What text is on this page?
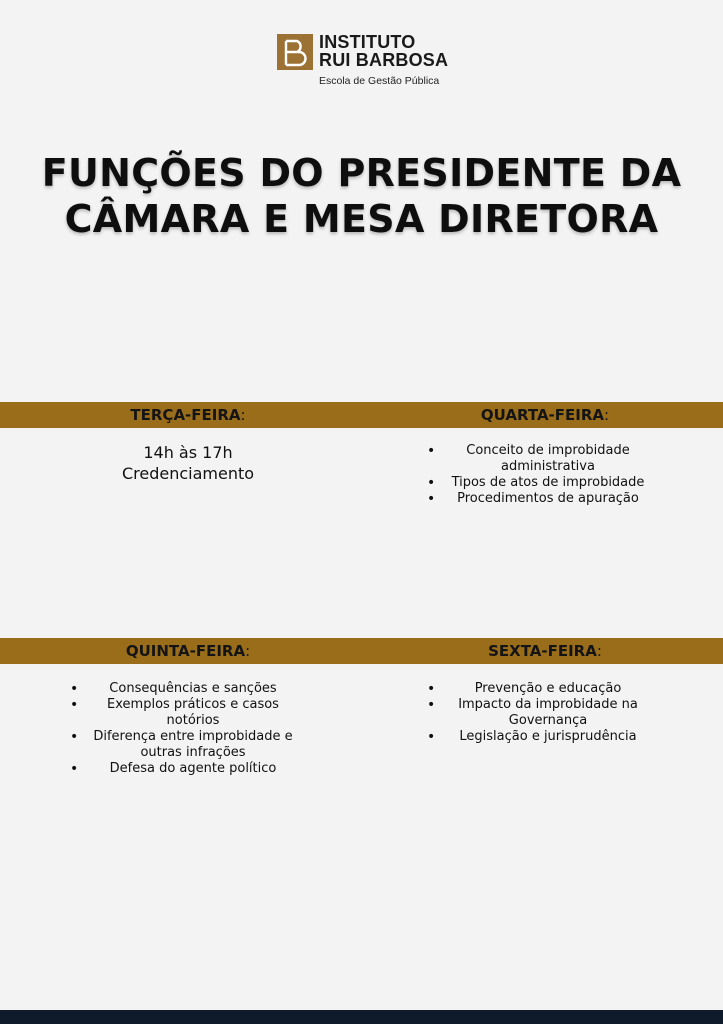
INSTITUTO
RUI BARBOSA
Escola de Gestão Pública
FUNÇÕES DO PRESIDENTE DA
CÂMARA E MESA DIRETORA
TERÇA-FEIRA:	QUARTA-FEIRA:
14h às 17h
Credenciamento
• Conceito de improbidade administrativa
• Tipos de atos de improbidade
• Procedimentos de apuração
QUINTA-FEIRA:	SEXTA-FEIRA:
• Consequências e sanções
• Exemplos práticos e casos notórios
• Diferença entre improbidade e outras infrações
• Defesa do agente político
• Prevenção e educação
• Impacto da improbidade na Governança
• Legislação e jurisprudência
